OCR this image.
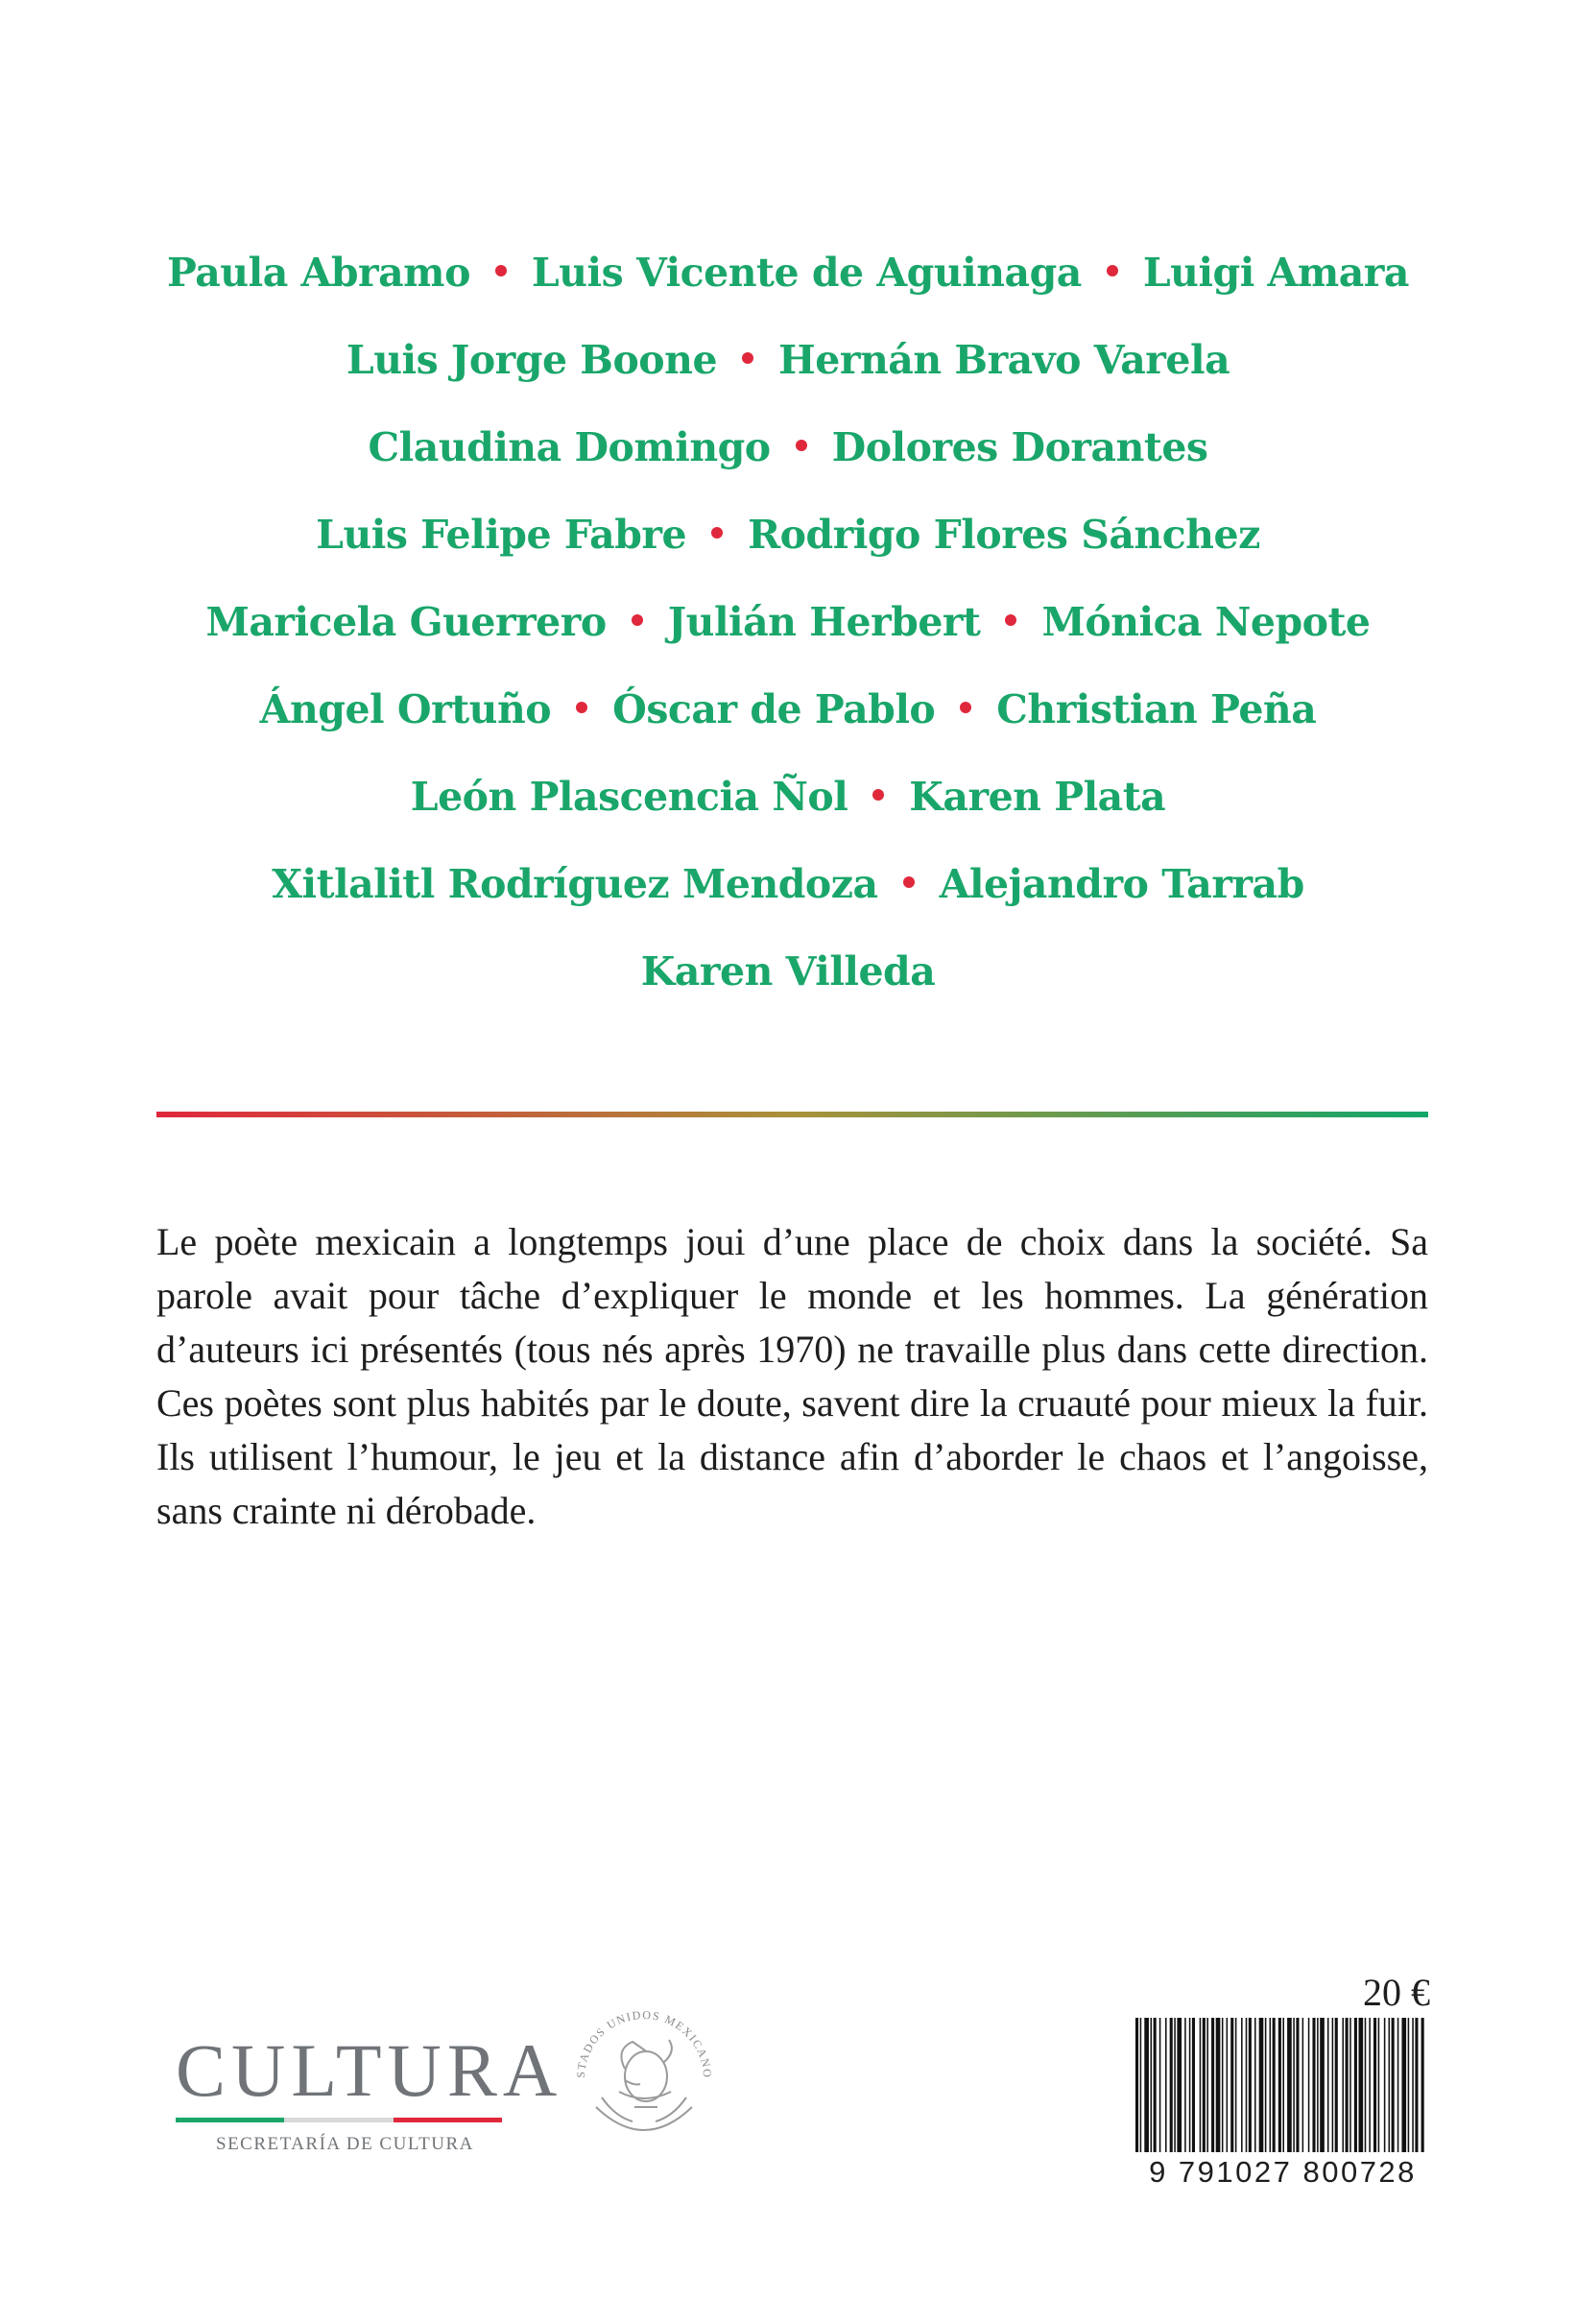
Paula Abramo Luis Vicente de Aguinaga Luigi Amara
Luis Jorge Boone Hernán Bravo Varela
Claudina Domingo Dolores Dorantes
Luis Felipe Fabre Rodrigo Flores Sánchez
Maricela Guerrero Julián Herbert Mónica Nepote
Ángel Ortuño Óscar de Pablo Christian Peña
León Plascencia Ñol Karen Plata
Xitlalitl Rodríguez Mendoza Alejandro Tarrab
Karen Villeda

Le poète mexicain a longtemps joui d’une place de choix dans la société. Sa parole avait pour tâche d’expliquer le monde et les hommes. La génération d’auteurs ici présentés (tous nés après 1970) ne travaille plus dans cette direction. Ces poètes sont plus habités par le doute, savent dire la cruauté pour mieux la fuir. Ils utilisent l’humour, le jeu et la distance afin d’aborder le chaos et l’angoisse, sans crainte ni dérobade.

CULTURA
SECRETARÍA DE CULTURA
STADOS UNIDOS MEXICANO
20 €
9 791027 800728
